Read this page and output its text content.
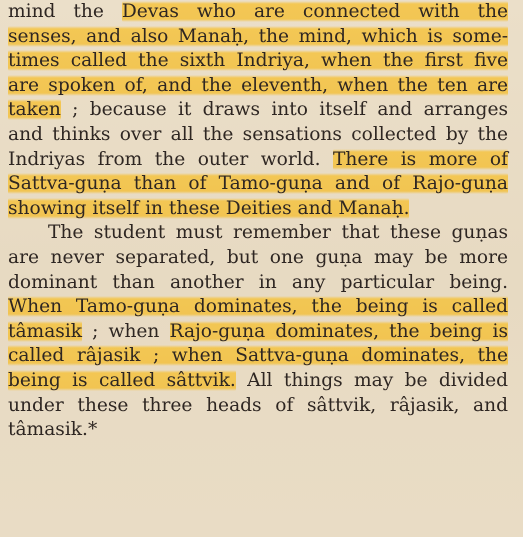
mind the Devas who are connected with the
senses, and also Manaḥ, the mind, which is some-
times called the sixth Indriya, when the first five
are spoken of, and the eleventh, when the ten are
taken ; because it draws into itself and arranges
and thinks over all the sensations collected by the
Indriyas from the outer world. There is more of
Sattva-guṇa than of Tamo-guṇa and of Rajo-guṇa
showing itself in these Deities and Manaḥ.
The student must remember that these guṇas
are never separated, but one guṇa may be more
dominant than another in any particular being.
When Tamo-guṇa dominates, the being is called
tâmasik ; when Rajo-guṇa dominates, the being is
called râjasik ; when Sattva-guṇa dominates, the
being is called sâttvik. All things may be divided
under these three heads of sâttvik, râjasik, and
tâmasik.*
